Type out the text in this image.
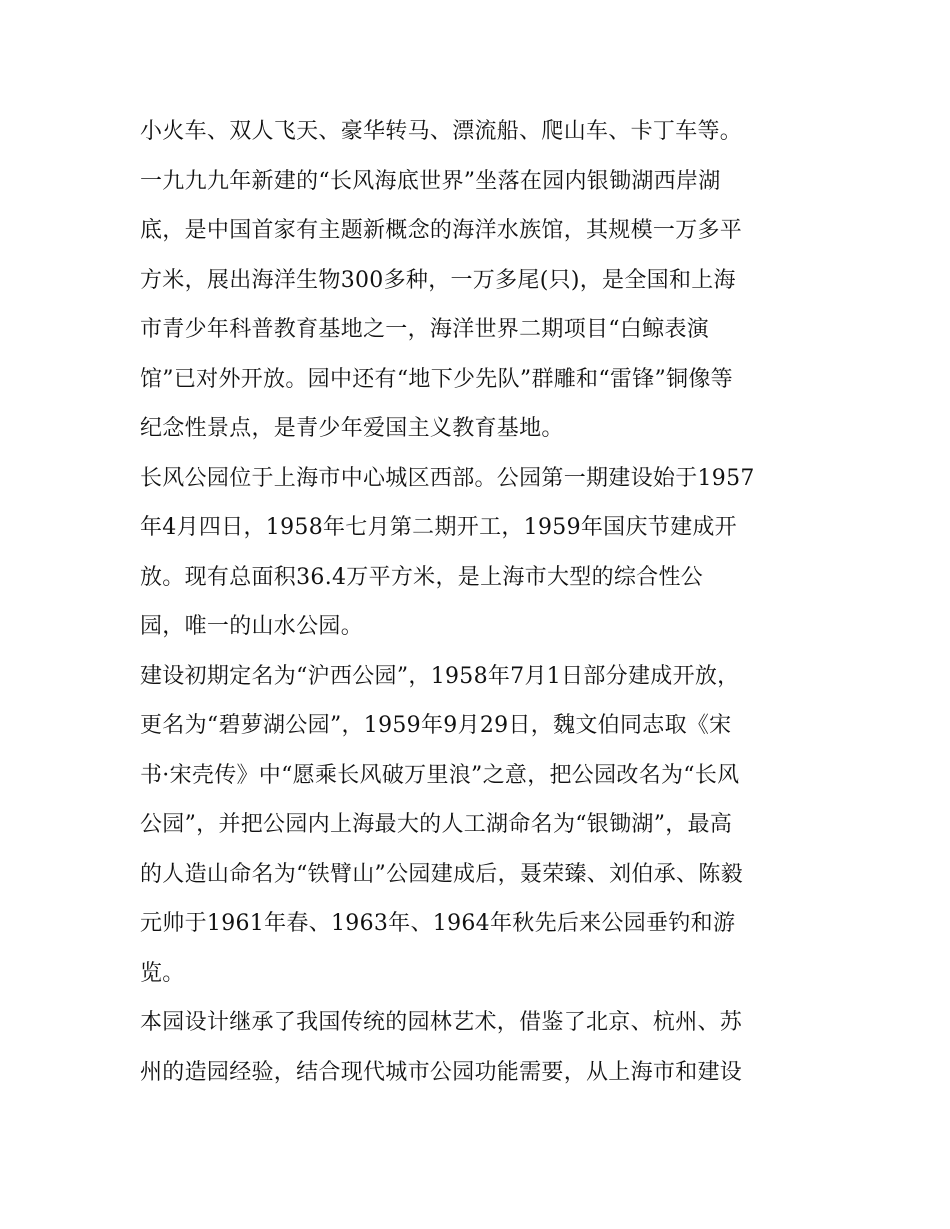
小火车、双人飞天、豪华转马、漂流船、爬山车、卡丁车等。
一九九九年新建的“长风海底世界”坐落在园内银锄湖西岸湖
底，是中国首家有主题新概念的海洋水族馆，其规模一万多平
方米，展出海洋生物300多种，一万多尾(只)，是全国和上海
市青少年科普教育基地之一，海洋世界二期项目“白鲸表演
馆”已对外开放。园中还有“地下少先队”群雕和“雷锋”铜像等
纪念性景点，是青少年爱国主义教育基地。
长风公园位于上海市中心城区西部。公园第一期建设始于1957
年4月四日，1958年七月第二期开工，1959年国庆节建成开
放。现有总面积36.4万平方米，是上海市大型的综合性公
园，唯一的山水公园。
建设初期定名为“沪西公园”，1958年7月1日部分建成开放，
更名为“碧萝湖公园”，1959年9月29日，魏文伯同志取《宋
书·宋壳传》中“愿乘长风破万里浪”之意，把公园改名为“长风
公园”，并把公园内上海最大的人工湖命名为“银锄湖”，最高
的人造山命名为“铁臂山”公园建成后，聂荣臻、刘伯承、陈毅
元帅于1961年春、1963年、1964年秋先后来公园垂钓和游
览。
本园设计继承了我国传统的园林艺术，借鉴了北京、杭州、苏
州的造园经验，结合现代城市公园功能需要，从上海市和建设
